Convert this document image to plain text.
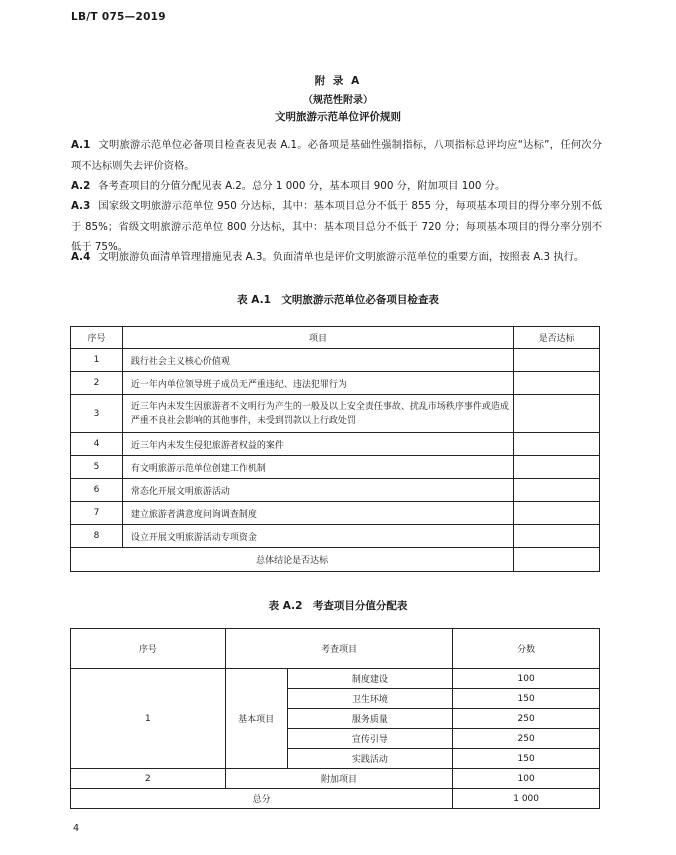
LB/T 075—2019
附 录 A
（规范性附录）
文明旅游示范单位评价规则

A.1 文明旅游示范单位必备项目检查表见表 A.1。必备项是基础性强制指标，八项指标总评均应“达标”，任何次分项不达标则失去评价资格。

A.2 各考查项目的分值分配见表 A.2。总分 1 000 分，基本项目 900 分，附加项目 100 分。

A.3 国家级文明旅游示范单位 950 分达标，其中：基本项目总分不低于 855 分，每项基本项目的得分率分别不低于 85%；省级文明旅游示范单位 800 分达标，其中：基本项目总分不低于 720 分；每项基本项目的得分率分别不低于 75%。

A.4 文明旅游负面清单管理措施见表 A.3。负面清单也是评价文明旅游示范单位的重要方面，按照表 A.3 执行。

表 A.1　文明旅游示范单位必备项目检查表
序号	项目	是否达标
1	践行社会主义核心价值观	
2	近一年内单位领导班子成员无严重违纪、违法犯罪行为	
3	近三年内未发生因旅游者不文明行为产生的一般及以上安全责任事故、扰乱市场秩序事件或造成严重不良社会影响的其他事件，未受到罚款以上行政处罚	
4	近三年内未发生侵犯旅游者权益的案件	
5	有文明旅游示范单位创建工作机制	
6	常态化开展文明旅游活动	
7	建立旅游者满意度问询调查制度	
8	设立开展文明旅游活动专项资金	
总体结论是否达标		
表 A.2　考查项目分值分配表
序号	考查项目		分数
1	基本项目	制度建设	100
		卫生环境	150
		服务质量	250
		宣传引导	250
		实践活动	150
2	附加项目		100
总分			1 000
4
